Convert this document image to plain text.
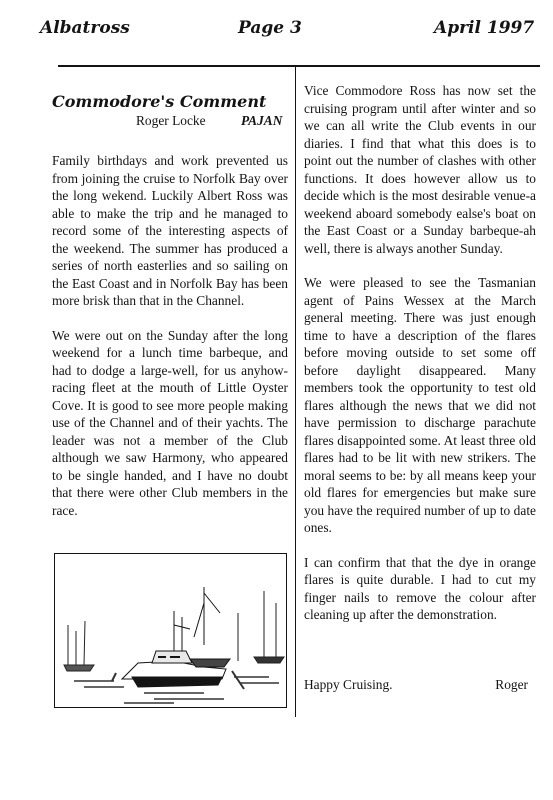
Albatross	Page 3	April 1997
Commodore's Comment
Roger Locke	PAJAN

Family birthdays and work prevented us from joining the cruise to Norfolk Bay over the long wekend. Luckily Albert Ross was able to make the trip and he managed to record some of the interesting aspects of the weekend. The summer has produced a series of north easterlies and so sailing on the East Coast and in Norfolk Bay has been more brisk than that in the Channel.

We were out on the Sunday after the long weekend for a lunch time barbeque, and had to dodge a large-well, for us anyhow-racing fleet at the mouth of Little Oyster Cove. It is good to see more people making use of the Channel and of their yachts. The leader was not a member of the Club although we saw Harmony, who appeared to be single handed, and I have no doubt that there were other Club members in the race.

Vice Commodore Ross has now set the cruising program until after winter and so we can all write the Club events in our diaries. I find that what this does is to point out the number of clashes with other functions. It does however allow us to decide which is the most desirable venue-a weekend aboard somebody ealse's boat on the East Coast or a Sunday barbeque-ah well, there is always another Sunday.

We were pleased to see the Tasmanian agent of Pains Wessex at the March general meeting. There was just enough time to have a description of the flares before moving outside to set some off before daylight disappeared. Many members took the opportunity to test old flares although the news that we did not have permission to discharge parachute flares disappointed some. At least three old flares had to be lit with new strikers. The moral seems to be: by all means keep your old flares for emergencies but make sure you have the required number of up to date ones.

I can confirm that that the dye in orange flares is quite durable. I had to cut my finger nails to remove the colour after cleaning up after the demonstration.

Happy Cruising.	Roger
